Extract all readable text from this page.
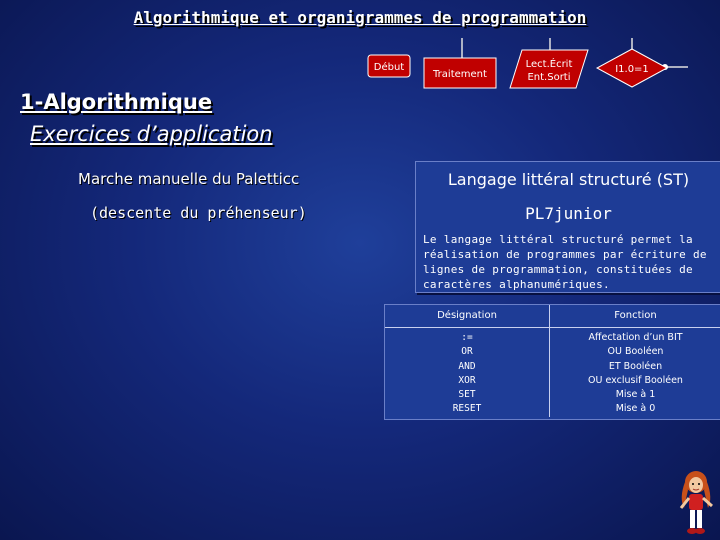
Algorithmique et organigrammes de programmation
Début
Traitement
Lect.Écrit
Ent.Sorti
I1.0=1
1-Algorithmique
Exercices d’application
Marche manuelle du Paletticc
(descente du préhenseur)
Langage littéral structuré (ST)
PL7junior
Le langage littéral structuré permet la réalisation de programmes par écriture de lignes de programmation, constituées de caractères alphanumériques.
Désignation
:=
OR
AND
XOR
SET
RESET
Fonction
Affectation d’un BIT
OU Booléen
ET Booléen
OU exclusif Booléen
Mise à 1
Mise à 0
